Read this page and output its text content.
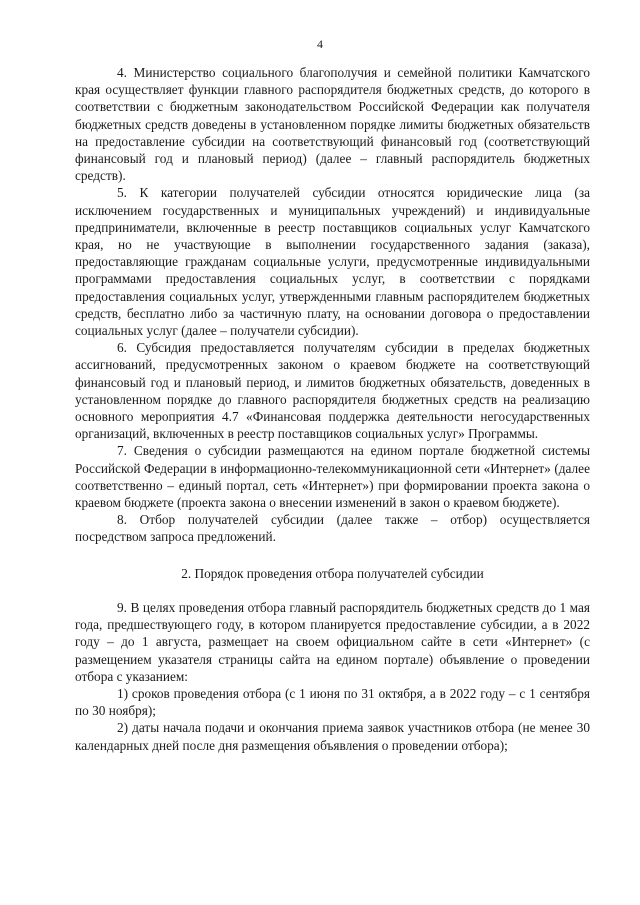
4

4. Министерство социального благополучия и семейной политики Камчатского края осуществляет функции главного распорядителя бюджетных средств, до которого в соответствии с бюджетным законодательством Российской Федерации как получателя бюджетных средств доведены в установленном порядке лимиты бюджетных обязательств на предоставление субсидии на соответствующий финансовый год (соответствующий финансовый год и плановый период) (далее – главный распорядитель бюджетных средств).

5. К категории получателей субсидии относятся юридические лица (за исключением государственных и муниципальных учреждений) и индивидуальные предприниматели, включенные в реестр поставщиков социальных услуг Камчатского края, но не участвующие в выполнении государственного задания (заказа), предоставляющие гражданам социальные услуги, предусмотренные индивидуальными программами предоставления социальных услуг, в соответствии с порядками предоставления социальных услуг, утвержденными главным распорядителем бюджетных средств, бесплатно либо за частичную плату, на основании договора о предоставлении социальных услуг (далее – получатели субсидии).

6. Субсидия предоставляется получателям субсидии в пределах бюджетных ассигнований, предусмотренных законом о краевом бюджете на соответствующий финансовый год и плановый период, и лимитов бюджетных обязательств, доведенных в установленном порядке до главного распорядителя бюджетных средств на реализацию основного мероприятия 4.7 «Финансовая поддержка деятельности негосударственных организаций, включенных в реестр поставщиков социальных услуг» Программы.

7. Сведения о субсидии размещаются на едином портале бюджетной системы Российской Федерации в информационно-телекоммуникационной сети «Интернет» (далее соответственно – единый портал, сеть «Интернет») при формировании проекта закона о краевом бюджете (проекта закона о внесении изменений в закон о краевом бюджете).

8. Отбор получателей субсидии (далее также – отбор) осуществляется посредством запроса предложений.

2. Порядок проведения отбора получателей субсидии

9. В целях проведения отбора главный распорядитель бюджетных средств до 1 мая года, предшествующего году, в котором планируется предоставление субсидии, а в 2022 году – до 1 августа, размещает на своем официальном сайте в сети «Интернет» (с размещением указателя страницы сайта на едином портале) объявление о проведении отбора с указанием:

1) сроков проведения отбора (с 1 июня по 31 октября, а в 2022 году – с 1 сентября по 30 ноября);

2) даты начала подачи и окончания приема заявок участников отбора (не менее 30 календарных дней после дня размещения объявления о проведении отбора);
